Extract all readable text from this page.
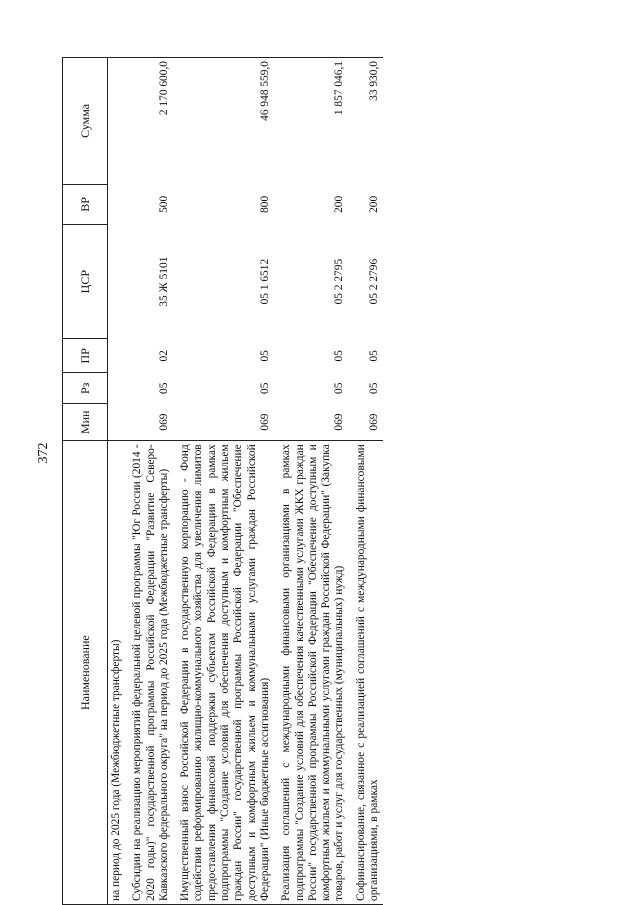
372
Наименование	Мин	Рз	ПР	ЦСР	ВР	Сумма
на период до 2025 года (Межбюджетные трансферты)						
Субсидии на реализацию мероприятий федеральной целевой программы "Юг России (2014 - 2020 годы)" государственной программы Российской Федерации "Развитие Северо-Кавказского федерального округа" на период до 2025 года (Межбюджетные трансферты)	069	05	02	35 Ж 5101	500	2 170 600,0
Имущественный взнос Российской Федерации в государственную корпорацию - Фонд содействия реформированию жилищно-коммунального хозяйства для увеличения лимитов предоставления финансовой поддержки субъектам Российской Федерации в рамках подпрограммы "Создание условий для обеспечения доступным и комфортным жильем граждан России" государственной программы Российской Федерации "Обеспечение доступным и комфортным жильем и коммунальными услугами граждан Российской Федерации" (Иные бюджетные ассигнования)	069	05	05	05 1 6512	800	46 948 559,0
Реализация соглашений с международными финансовыми организациями в рамках подпрограммы "Создание условий для обеспечения качественными услугами ЖКХ граждан России" государственной программы Российской Федерации "Обеспечение доступным и комфортным жильем и коммунальными услугами граждан Российской Федерации" (Закупка товаров, работ и услуг для государственных (муниципальных) нужд)	069	05	05	05 2 2795	200	1 857 046,1
Софинансирование, связанное с реализацией соглашений с международными финансовыми организациями, в рамках	069	05	05	05 2 2796	200	33 930,0
